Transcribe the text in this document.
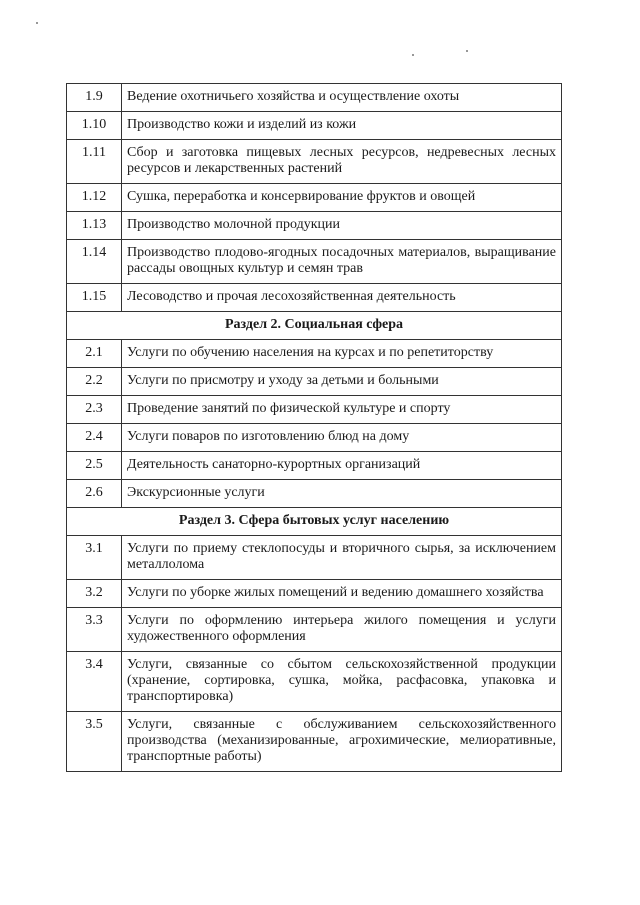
1.9	Ведение охотничьего хозяйства и осуществление охоты
1.10	Производство кожи и изделий из кожи
1.11	Сбор и заготовка пищевых лесных ресурсов, недревесных лесных ресурсов и лекарственных растений
1.12	Сушка, переработка и консервирование фруктов и овощей
1.13	Производство молочной продукции
1.14	Производство плодово-ягодных посадочных материалов, выращивание рассады овощных культур и семян трав
1.15	Лесоводство и прочая лесохозяйственная деятельность
Раздел 2. Социальная сфера	
2.1	Услуги по обучению населения на курсах и по репетиторству
2.2	Услуги по присмотру и уходу за детьми и больными
2.3	Проведение занятий по физической культуре и спорту
2.4	Услуги поваров по изготовлению блюд на дому
2.5	Деятельность санаторно-курортных организаций
2.6	Экскурсионные услуги
Раздел 3. Сфера бытовых услуг населению	
3.1	Услуги по приему стеклопосуды и вторичного сырья, за исключением металлолома
3.2	Услуги по уборке жилых помещений и ведению домашнего хозяйства
3.3	Услуги по оформлению интерьера жилого помещения и услуги художественного оформления
3.4	Услуги, связанные со сбытом сельскохозяйственной продукции (хранение, сортировка, сушка, мойка, расфасовка, упаковка и транспортировка)
3.5	Услуги, связанные с обслуживанием сельскохозяйственного производства (механизированные, агрохимические, мелиоративные, транспортные работы)
